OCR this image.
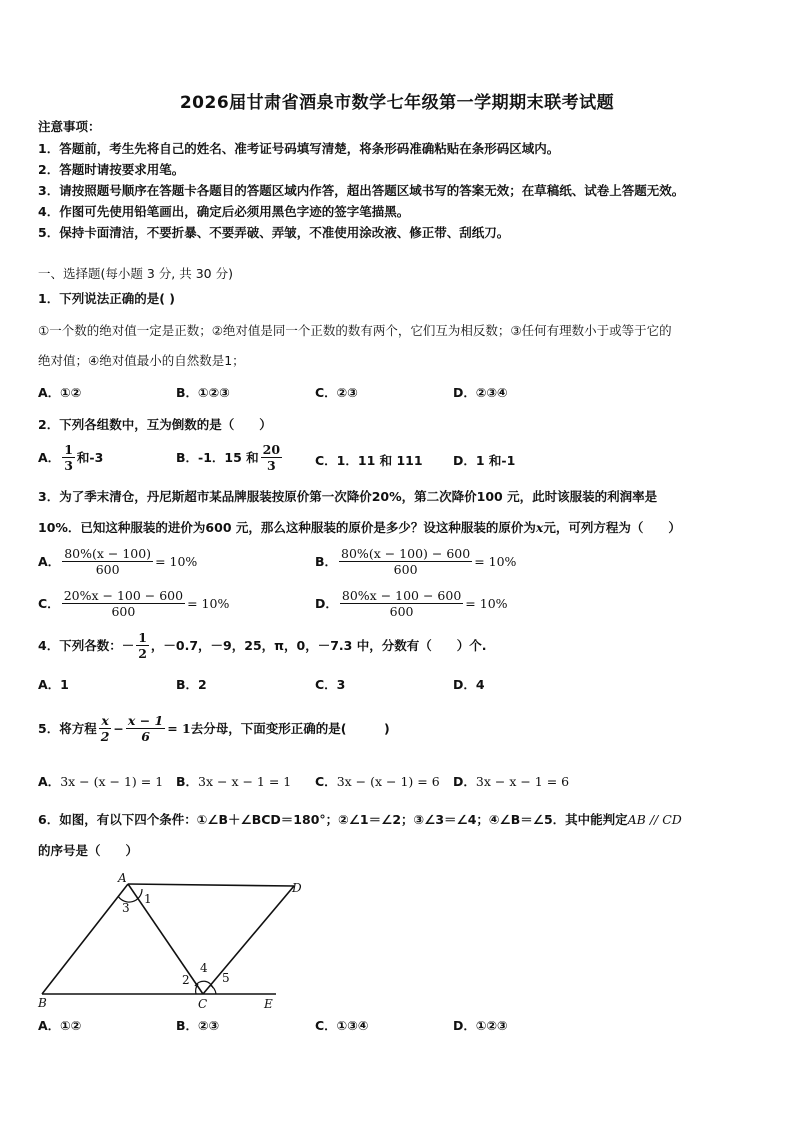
2026届甘肃省酒泉市数学七年级第一学期期末联考试题
注意事项：
1．答题前，考生先将自己的姓名、准考证号码填写清楚，将条形码准确粘贴在条形码区域内。
2．答题时请按要求用笔。
3．请按照题号顺序在答题卡各题目的答题区域内作答，超出答题区域书写的答案无效；在草稿纸、试卷上答题无效。
4．作图可先使用铅笔画出，确定后必须用黑色字迹的签字笔描黑。
5．保持卡面清洁，不要折暴、不要弄破、弄皱，不准使用涂改液、修正带、刮纸刀。
一、选择题(每小题 3 分, 共 30 分)
1．下列说法正确的是( )
①一个数的绝对值一定是正数；②绝对值是同一个正数的数有两个，它们互为相反数；③任何有理数小于或等于它的
绝对值；④绝对值最小的自然数是1；
A．①②	B．①②③	C．②③	D．②③④
2．下列各组数中，互为倒数的是（　　）
A． $\frac{1}{3}$ 和-3	B．-1．15 和 $\frac{20}{3}$	C．1．11 和 111 D．1 和-1
3．为了季末清仓，丹尼斯超市某品牌服装按原价第一次降价20%，第二次降价100 元，此时该服装的利润率是
10%．已知这种服装的进价为600 元，那么这种服装的原价是多少？设这种服装的原价为x元，可列方程为（　　）
A． $\frac{80\%(x - 100)}{600} = 10\%$	B． $\frac{80\%(x - 100) - 600}{600} = 10\%$
C． $\frac{20\%x - 100 - 600}{600} = 10\%$	D． $\frac{80\%x - 100 - 600}{600} = 10\%$
4．下列各数：－ $\frac{1}{2}$ ，－0.7，－9，25，π，0，－7.3 中，分数有（　　）个.
A．1	B．2	C．3	D．4
5．将方程 $\frac{x}{2} - \frac{x - 1}{6} = 1$ 去分母，下面变形正确的是(　　　)
A．3x − (x − 1) = 1 B．3x − x − 1 = 1 C．3x − (x − 1) = 6 D．3x − x − 1 = 6
6．如图，有以下四个条件：①∠B＋∠BCD＝180°；②∠1＝∠2；③∠3＝∠4；④∠B＝∠5．其中能判定AB // CD
的序号是（　　）
A
B	C
D
E
1
2
3
4
5
A．①②	B．②③	C．①③④	D．①②③
